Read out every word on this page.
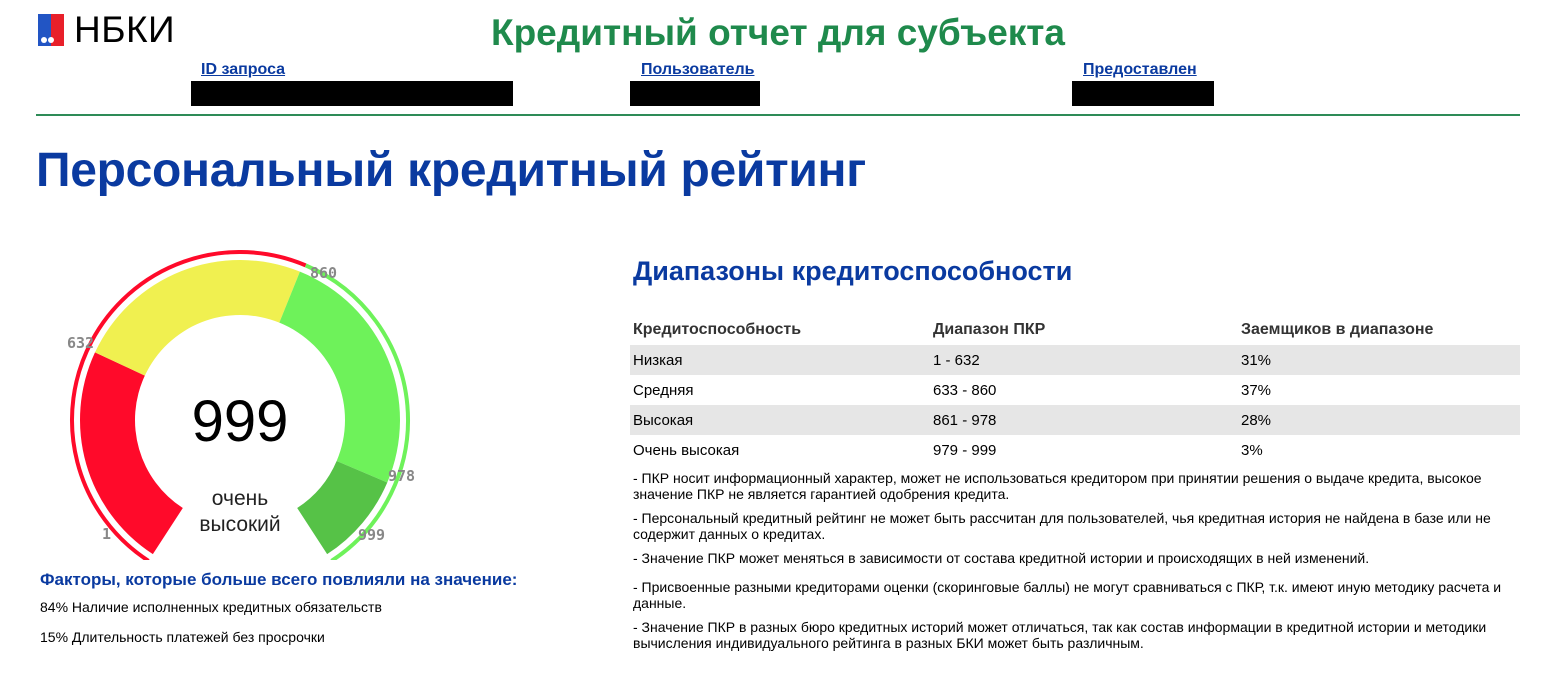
НБКИ	Кредитный отчет для субъекта
ID запроса	Пользователь	Предоставлен
Персональный кредитный рейтинг
1
632
860
978
999
999
очень
высокий
Факторы, которые больше всего повлияли на значение:
84% Наличие исполненных кредитных обязательств
15% Длительность платежей без просрочки
Диапазоны кредитоспособности
Кредитоспособность	Диапазон ПКР	Заемщиков в диапазоне
Низкая	1 - 632	31%
Средняя	633 - 860	37%
Высокая	861 - 978	28%
Очень высокая	979 - 999	3%

- ПКР носит информационный характер, может не использоваться кредитором при принятии решения о выдаче кредита, высокое значение ПКР не является гарантией одобрения кредита.

- Персональный кредитный рейтинг не может быть рассчитан для пользователей, чья кредитная история не найдена в базе или не содержит данных о кредитах.

- Значение ПКР может меняться в зависимости от состава кредитной истории и происходящих в ней изменений.

- Присвоенные разными кредиторами оценки (скоринговые баллы) не могут сравниваться с ПКР, т.к. имеют иную методику расчета и данные.

- Значение ПКР в разных бюро кредитных историй может отличаться, так как состав информации в кредитной истории и методики вычисления индивидуального рейтинга в разных БКИ может быть различным.
